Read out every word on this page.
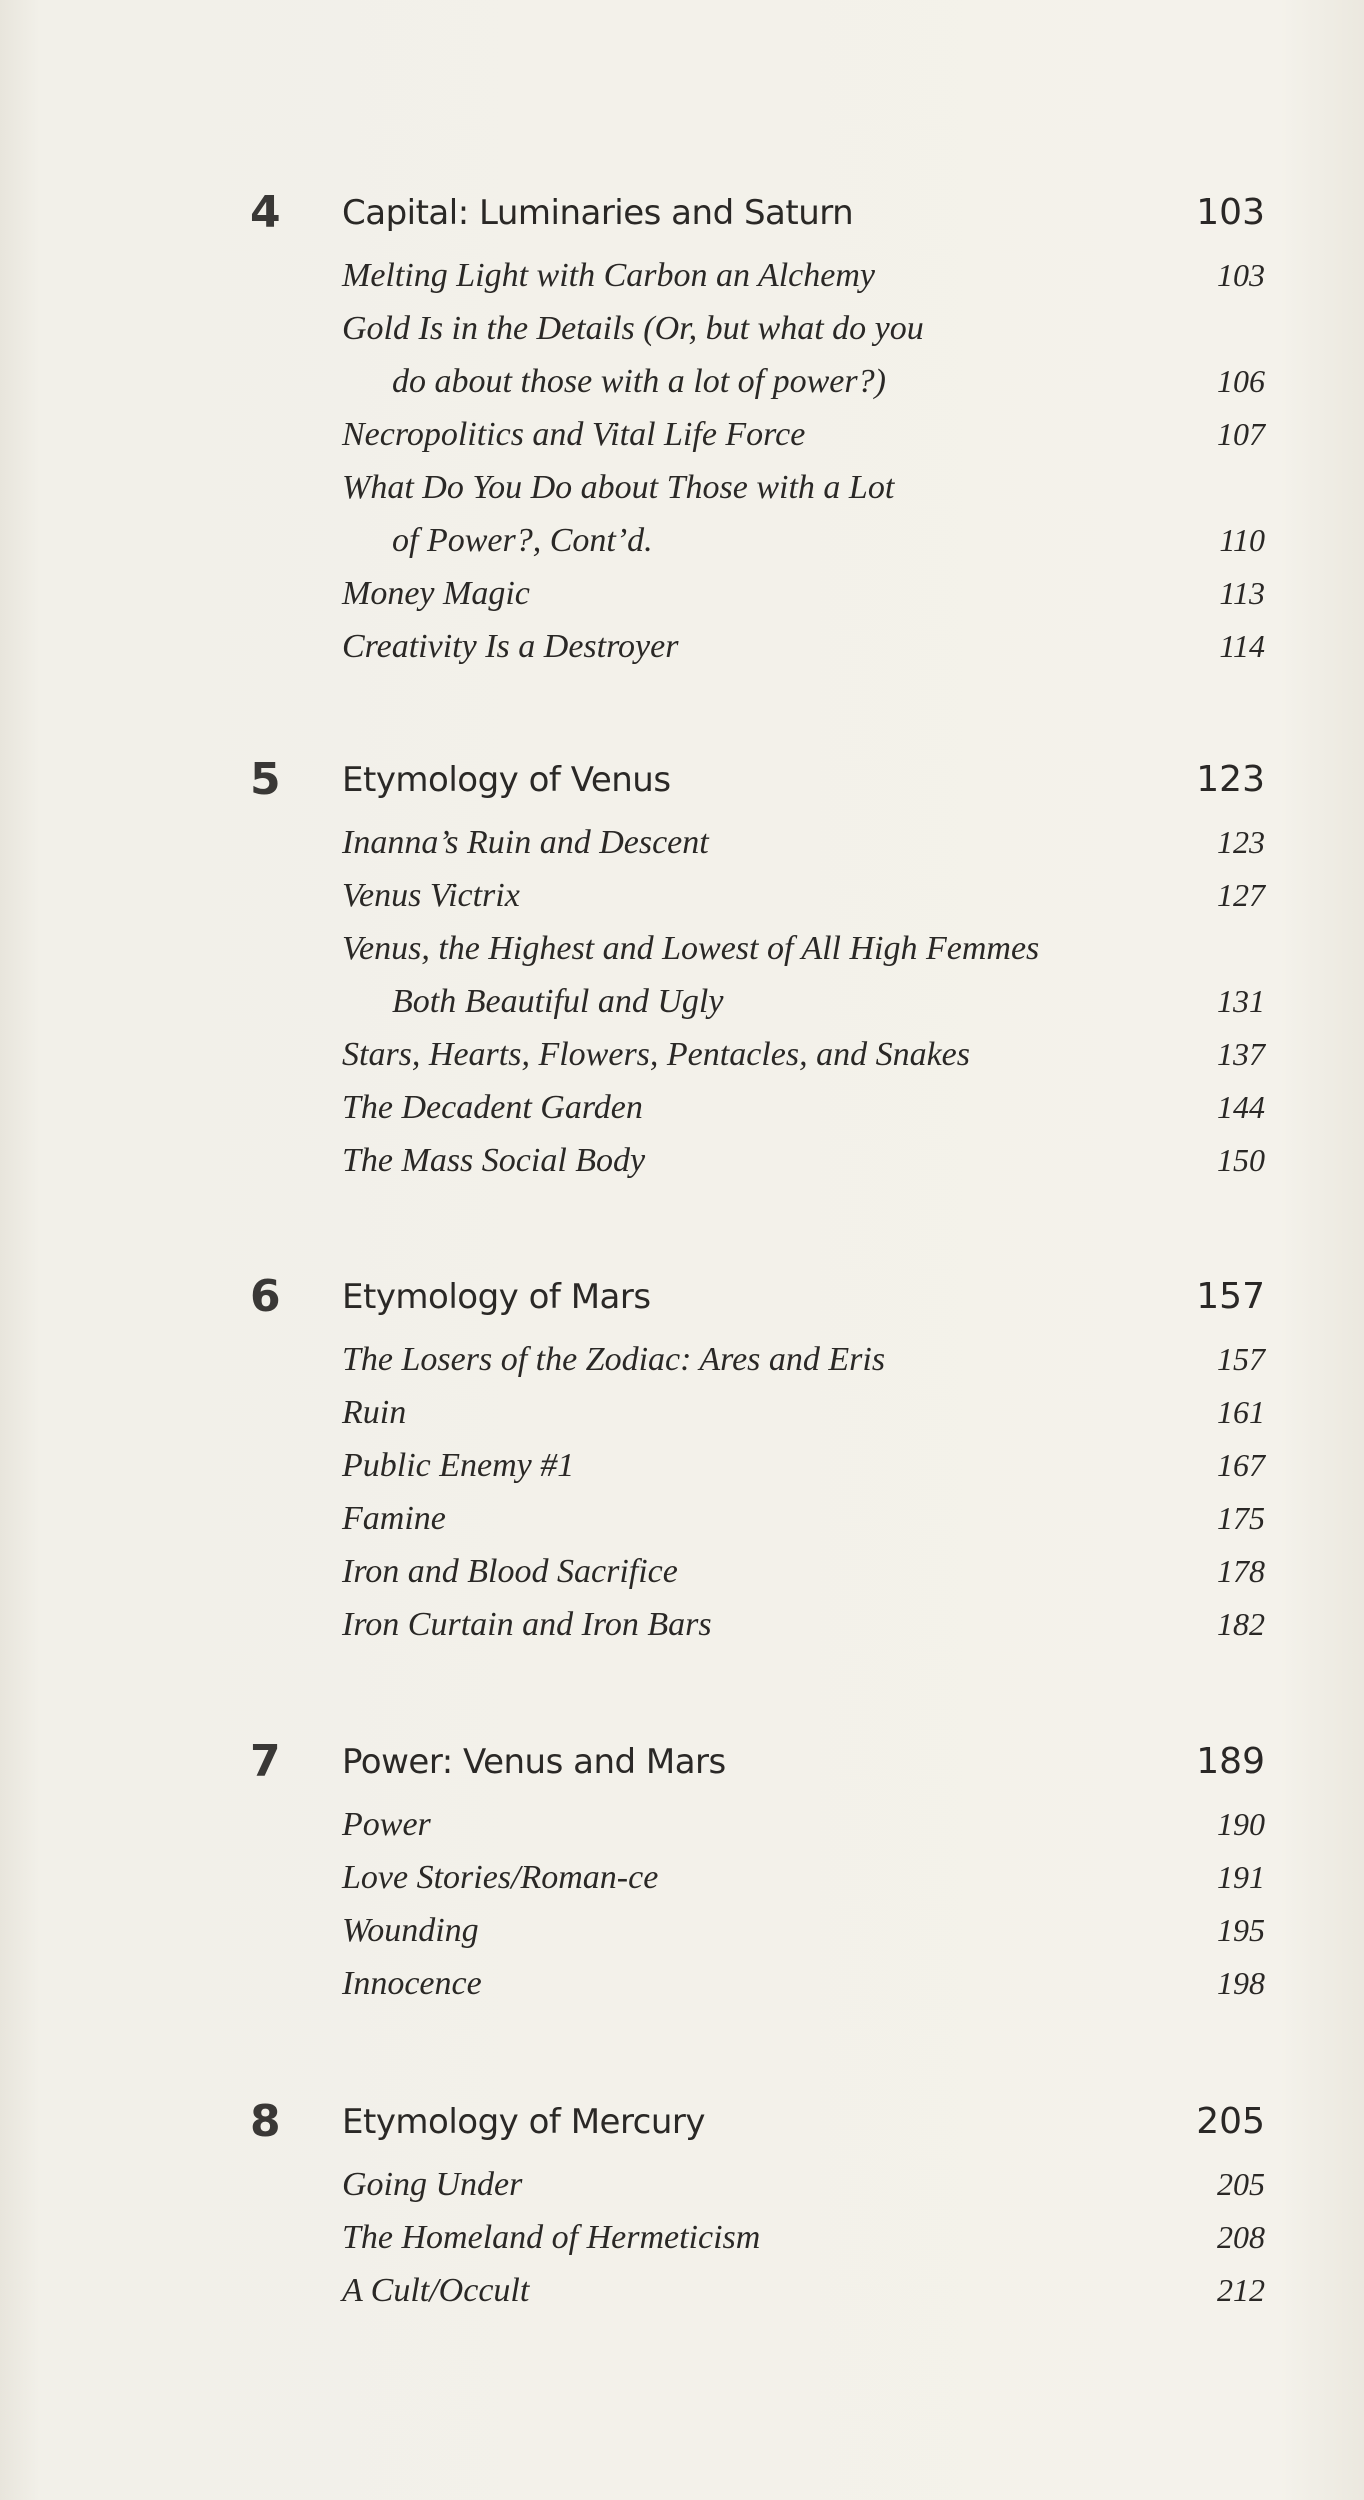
4	Capital: Luminaries and Saturn	103
Melting Light with Carbon an Alchemy	103
Gold Is in the Details (Or, but what do you
do about those with a lot of power?)	106
Necropolitics and Vital Life Force	107
What Do You Do about Those with a Lot
of Power?, Cont’d.	110
Money Magic	113
Creativity Is a Destroyer	114
5	Etymology of Venus	123
Inanna’s Ruin and Descent	123
Venus Victrix	127
Venus, the Highest and Lowest of All High Femmes
Both Beautiful and Ugly	131
Stars, Hearts, Flowers, Pentacles, and Snakes	137
The Decadent Garden	144
The Mass Social Body	150
6	Etymology of Mars	157
The Losers of the Zodiac: Ares and Eris	157
Ruin	161
Public Enemy #1	167
Famine	175
Iron and Blood Sacrifice	178
Iron Curtain and Iron Bars	182
7	Power: Venus and Mars	189
Power	190
Love Stories/Roman-ce	191
Wounding	195
Innocence	198
8	Etymology of Mercury	205
Going Under	205
The Homeland of Hermeticism	208
A Cult/Occult	212
